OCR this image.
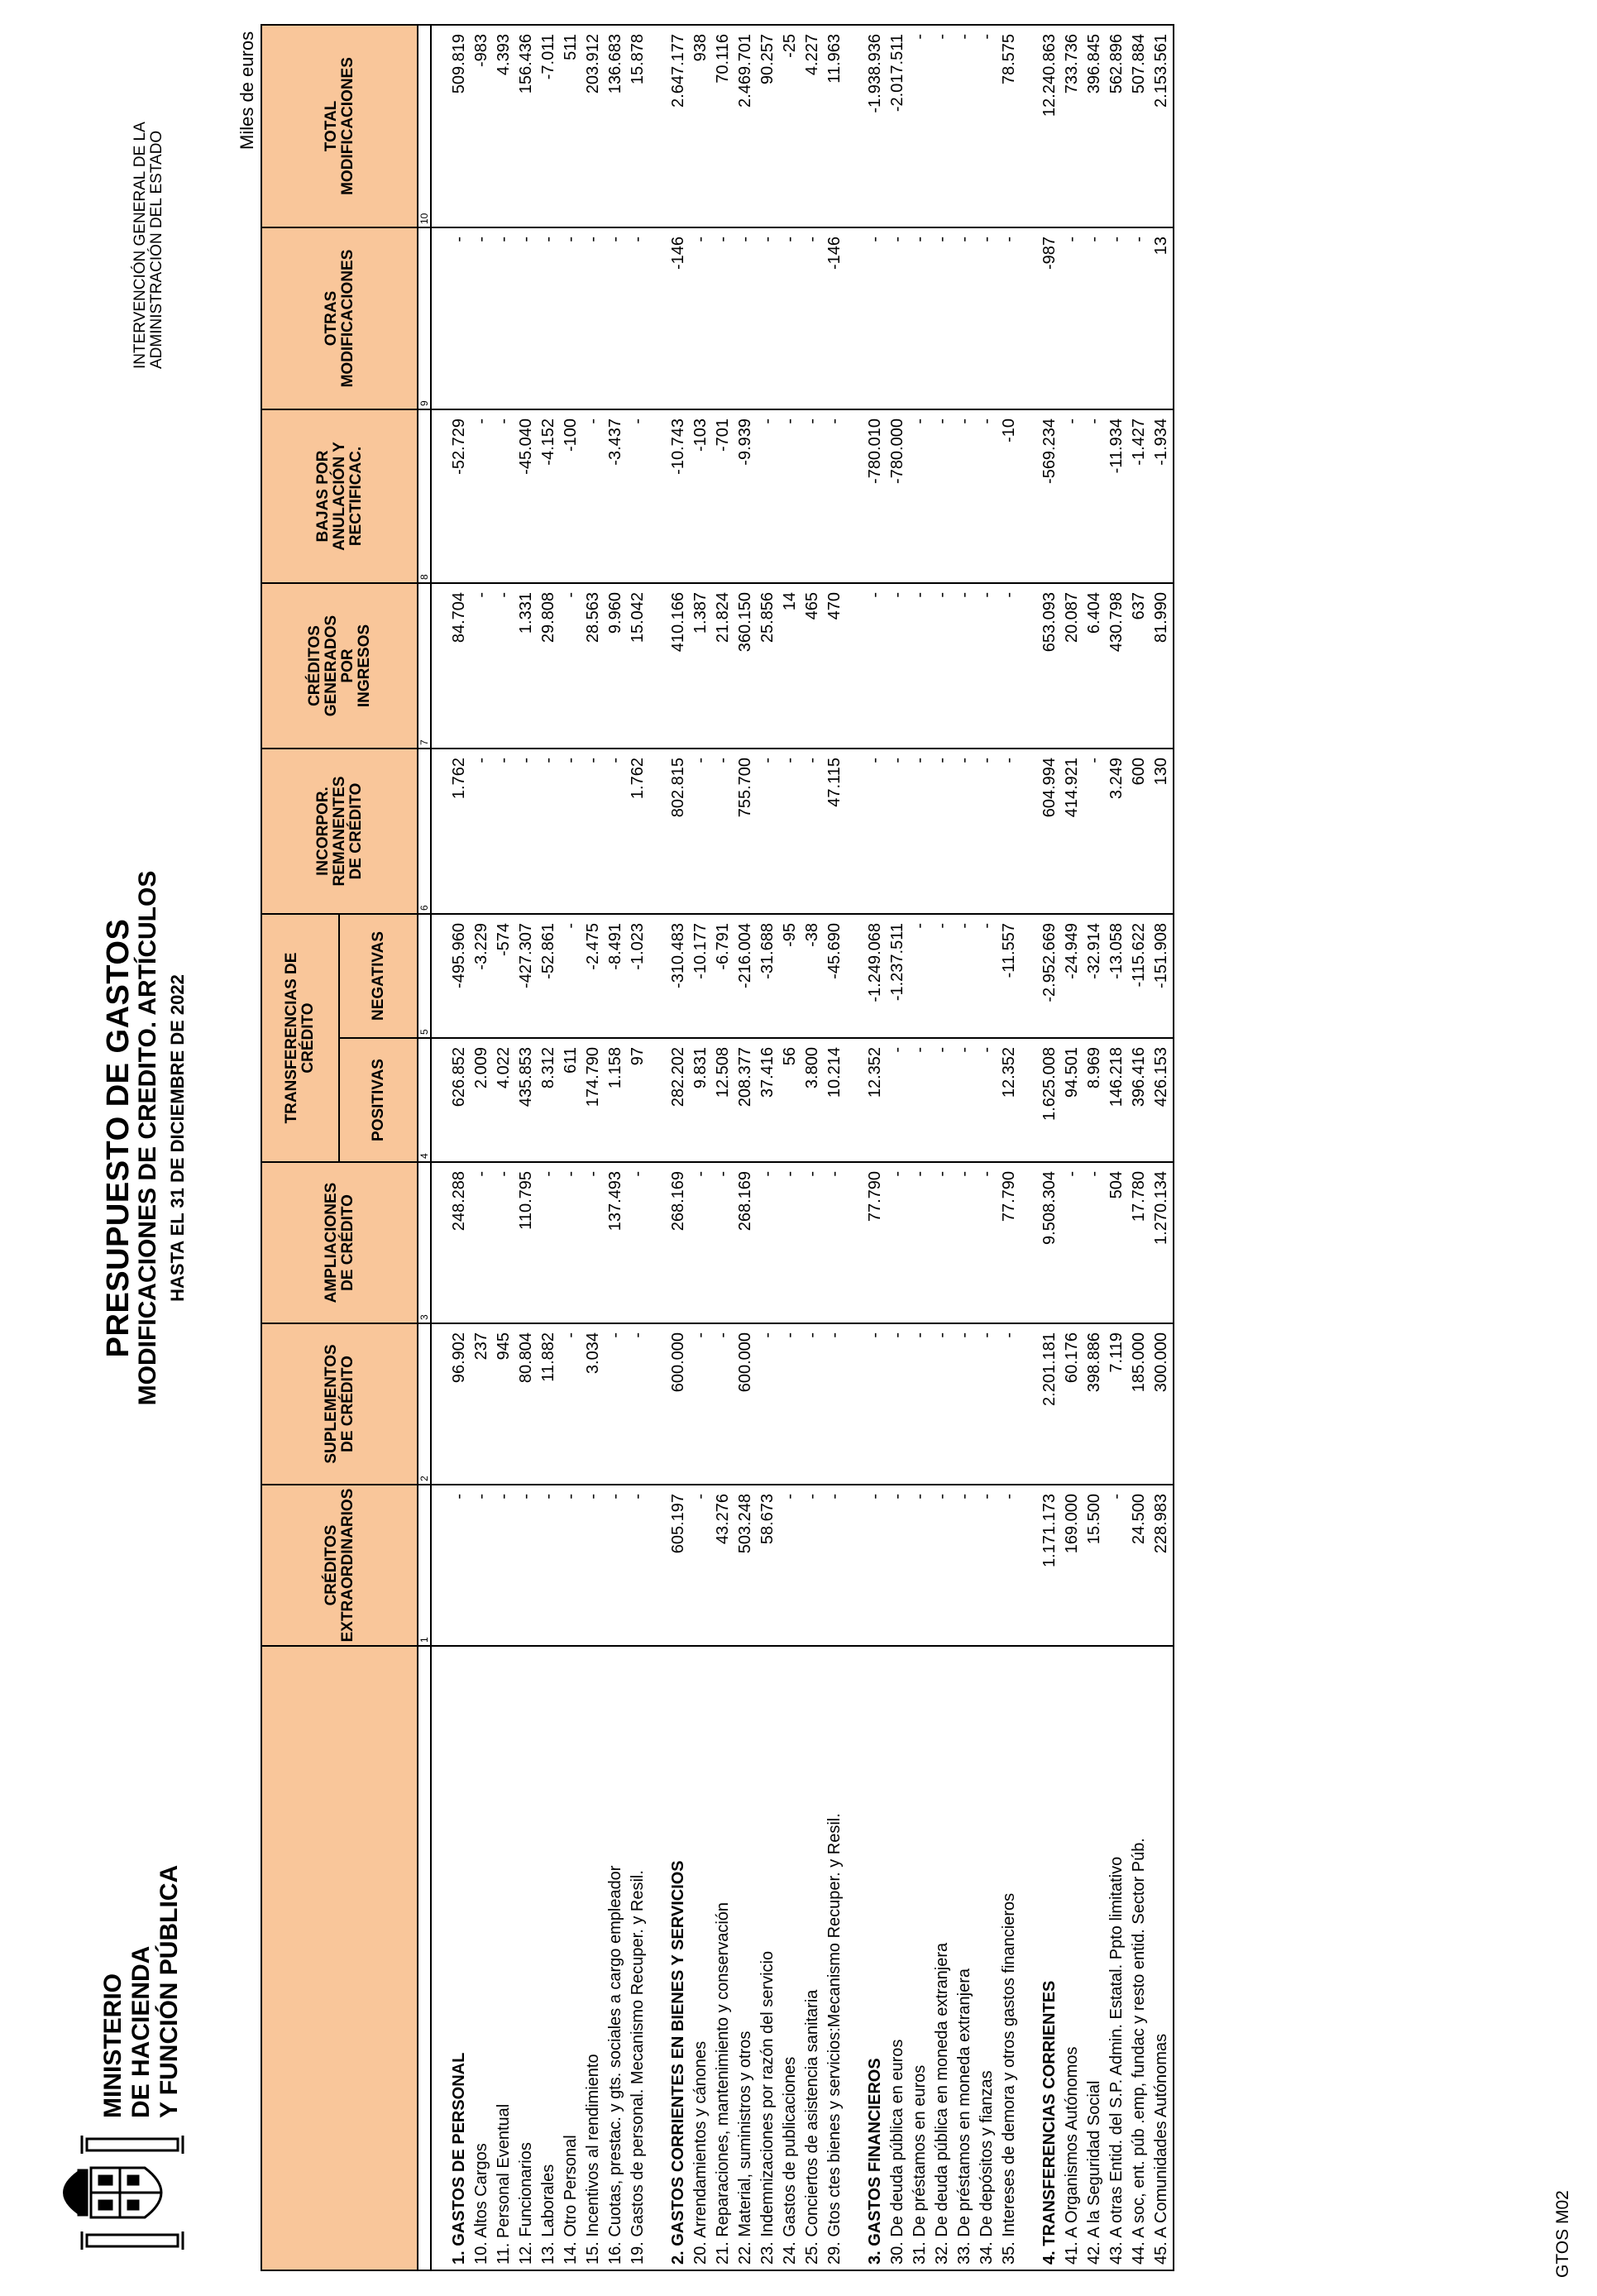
MINISTERIO DE HACIENDA Y FUNCIÓN PÚBLICA
PRESUPUESTO DE GASTOS
MODIFICACIONES DE CREDITO. ARTÍCULOS HASTA EL 31 DE DICIEMBRE DE 2022
INTERVENCIÓN GENERAL DE LA ADMINISTRACIÓN DEL ESTADO
Miles de euros
	CRÉDITOS
EXTRAORDINARIOS	SUPLEMENTOS
DE CRÉDITO	AMPLIACIONES
DE CRÉDITO	TRANSFERENCIAS DE
CRÉDITO		INCORPOR.
REMANENTES
DE CRÉDITO	CRÉDITOS
GENERADOS
POR
INGRESOS	BAJAS POR
ANULACIÓN Y
RECTIFICAC.	OTRAS
MODIFICACIONES	TOTAL
MODIFICACIONES
				POSITIVAS	NEGATIVAS					
	1	2	3	4	5	6	7	8	9	10

1. GASTOS DE PERSONAL	-	96.902	248.288	626.852	-495.960	1.762	84.704	-52.729	-	509.819
10. Altos Cargos	-	237	-	2.009	-3.229	-	-	-	-	-983
11. Personal Eventual	-	945	-	4.022	-574	-	-	-	-	4.393
12. Funcionarios	-	80.804	110.795	435.853	-427.307	-	1.331	-45.040	-	156.436
13. Laborales	-	11.882	-	8.312	-52.861	-	29.808	-4.152	-	-7.011
14. Otro Personal	-	-	-	611	-	-	-	-100	-	511
15. Incentivos al rendimiento	-	3.034	-	174.790	-2.475	-	28.563	-	-	203.912
16. Cuotas, prestac. y gts. sociales a cargo empleador	-	-	137.493	1.158	-8.491	-	9.960	-3.437	-	136.683
19. Gastos de personal. Mecanismo Recuper. y Resil.	-	-	-	97	-1.023	1.762	15.042	-	-	15.878

2. GASTOS CORRIENTES EN BIENES Y SERVICIOS	605.197	600.000	268.169	282.202	-310.483	802.815	410.166	-10.743	-146	2.647.177
20. Arrendamientos y cánones	-	-	-	9.831	-10.177	-	1.387	-103	-	938
21. Reparaciones, mantenimiento y conservación	43.276	-	-	12.508	-6.791	-	21.824	-701	-	70.116
22. Material, suministros y otros	503.248	600.000	268.169	208.377	-216.004	755.700	360.150	-9.939	-	2.469.701
23. Indemnizaciones por razón del servicio	58.673	-	-	37.416	-31.688	-	25.856	-	-	90.257
24. Gastos de publicaciones	-	-	-	56	-95	-	14	-	-	-25
25. Conciertos de asistencia sanitaria	-	-	-	3.800	-38	-	465	-	-	4.227
29. Gtos ctes bienes y servicios:Mecanismo Recuper. y Resil.	-	-	-	10.214	-45.690	47.115	470	-	-146	11.963

3. GASTOS FINANCIEROS	-	-	77.790	12.352	-1.249.068	-	-	-780.010	-	-1.938.936
30. De deuda pública en euros	-	-	-	-	-1.237.511	-	-	-780.000	-	-2.017.511
31. De préstamos en euros	-	-	-	-	-	-	-	-	-	-
32. De deuda pública en moneda extranjera	-	-	-	-	-	-	-	-	-	-
33. De préstamos en moneda extranjera	-	-	-	-	-	-	-	-	-	-
34. De depósitos y fianzas	-	-	-	-	-	-	-	-	-	-
35. Intereses de demora y otros gastos financieros	-	-	77.790	12.352	-11.557	-	-	-10	-	78.575

4. TRANSFERENCIAS CORRIENTES	1.171.173	2.201.181	9.508.304	1.625.008	-2.952.669	604.994	653.093	-569.234	-987	12.240.863
41. A Organismos Autónomos	169.000	60.176	-	94.501	-24.949	414.921	20.087	-	-	733.736
42. A la Seguridad Social	15.500	398.886	-	8.969	-32.914	-	6.404	-	-	396.845
43. A otras Entid. del S.P. Admin. Estatal. Ppto limitativo	-	7.119	504	146.218	-13.058	3.249	430.798	-11.934	-	562.896
44. A soc, ent. púb .emp, fundac y resto entid. Sector Púb.	24.500	185.000	17.780	396.416	-115.622	600	637	-1.427	-	507.884
45. A Comunidades Autónomas	228.983	300.000	1.270.134	426.153	-151.908	130	81.990	-1.934	13	2.153.561
GTOS M02
